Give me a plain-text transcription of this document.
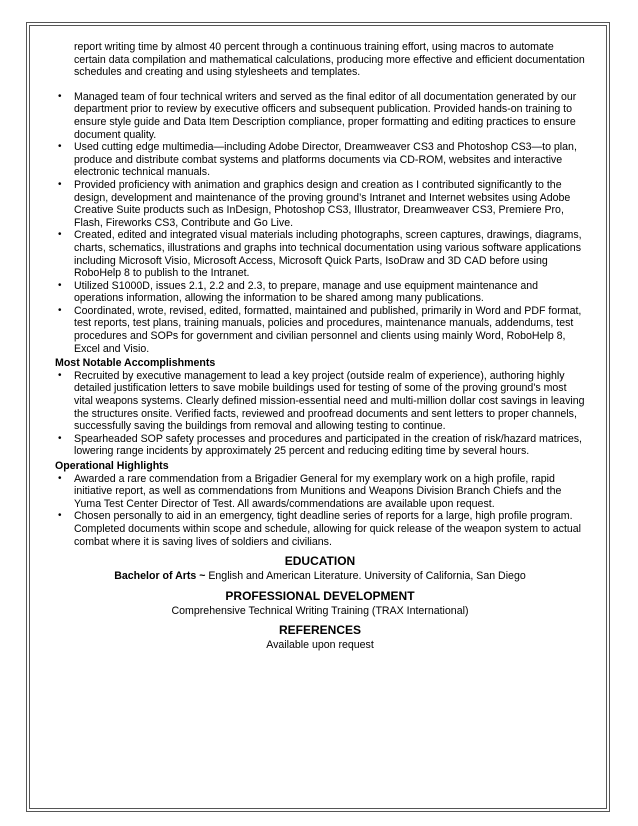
report writing time by almost 40 percent through a continuous training effort, using macros to automate certain data compilation and mathematical calculations, producing more effective and efficient documentation schedules and creating and using stylesheets and templates.
• Managed team of four technical writers and served as the final editor of all documentation generated by our department prior to review by executive officers and subsequent publication. Provided hands-on training to ensure style guide and Data Item Description compliance, proper formatting and editing practices to ensure document quality.
• Used cutting edge multimedia—including Adobe Director, Dreamweaver CS3 and Photoshop CS3—to plan, produce and distribute combat systems and platforms documents via CD-ROM, websites and interactive electronic technical manuals.
• Provided proficiency with animation and graphics design and creation as I contributed significantly to the design, development and maintenance of the proving ground’s Intranet and Internet websites using Adobe Creative Suite products such as InDesign, Photoshop CS3, Illustrator, Dreamweaver CS3, Premiere Pro, Flash, Fireworks CS3, Contribute and Go Live.
• Created, edited and integrated visual materials including photographs, screen captures, drawings, diagrams, charts, schematics, illustrations and graphs into technical documentation using various software applications including Microsoft Visio, Microsoft Access, Microsoft Quick Parts, IsoDraw and 3D CAD before using RoboHelp 8 to publish to the Intranet.
• Utilized S1000D, issues 2.1, 2.2 and 2.3, to prepare, manage and use equipment maintenance and operations information, allowing the information to be shared among many publications.
• Coordinated, wrote, revised, edited, formatted, maintained and published, primarily in Word and PDF format, test reports, test plans, training manuals, policies and procedures, maintenance manuals, addendums, test procedures and SOPs for government and civilian personnel and clients using mainly Word, RoboHelp 8, Excel and Visio.
Most Notable Accomplishments
• Recruited by executive management to lead a key project (outside realm of experience), authoring highly detailed justification letters to save mobile buildings used for testing of some of the proving ground's most vital weapons systems. Clearly defined mission-essential need and multi-million dollar cost savings in leaving the structures onsite. Verified facts, reviewed and proofread documents and sent letters to proper channels, successfully saving the buildings from removal and allowing testing to continue.
• Spearheaded SOP safety processes and procedures and participated in the creation of risk/hazard matrices, lowering range incidents by approximately 25 percent and reducing editing time by several hours.
Operational Highlights
• Awarded a rare commendation from a Brigadier General for my exemplary work on a high profile, rapid initiative report, as well as commendations from Munitions and Weapons Division Branch Chiefs and the Yuma Test Center Director of Test. All awards/commendations are available upon request.
• Chosen personally to aid in an emergency, tight deadline series of reports for a large, high profile program. Completed documents within scope and schedule, allowing for quick release of the weapon system to actual combat where it is saving lives of soldiers and civilians.
EDUCATION
Bachelor of Arts ~ English and American Literature. University of California, San Diego
PROFESSIONAL DEVELOPMENT
Comprehensive Technical Writing Training (TRAX International)
REFERENCES
Available upon request
